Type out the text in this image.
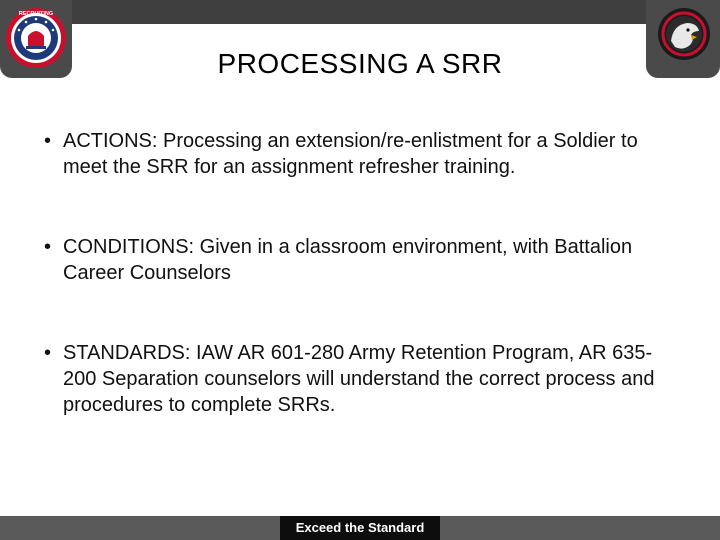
RECRUITING
PROCESSING A SRR
• ACTIONS: Processing an extension/re-enlistment for a Soldier to meet the SRR for an assignment refresher training.
• CONDITIONS: Given in a classroom environment, with Battalion Career Counselors
• STANDARDS: IAW AR 601-280 Army Retention Program, AR 635-200 Separation counselors will understand the correct process and procedures to complete SRRs.
Exceed the Standard
